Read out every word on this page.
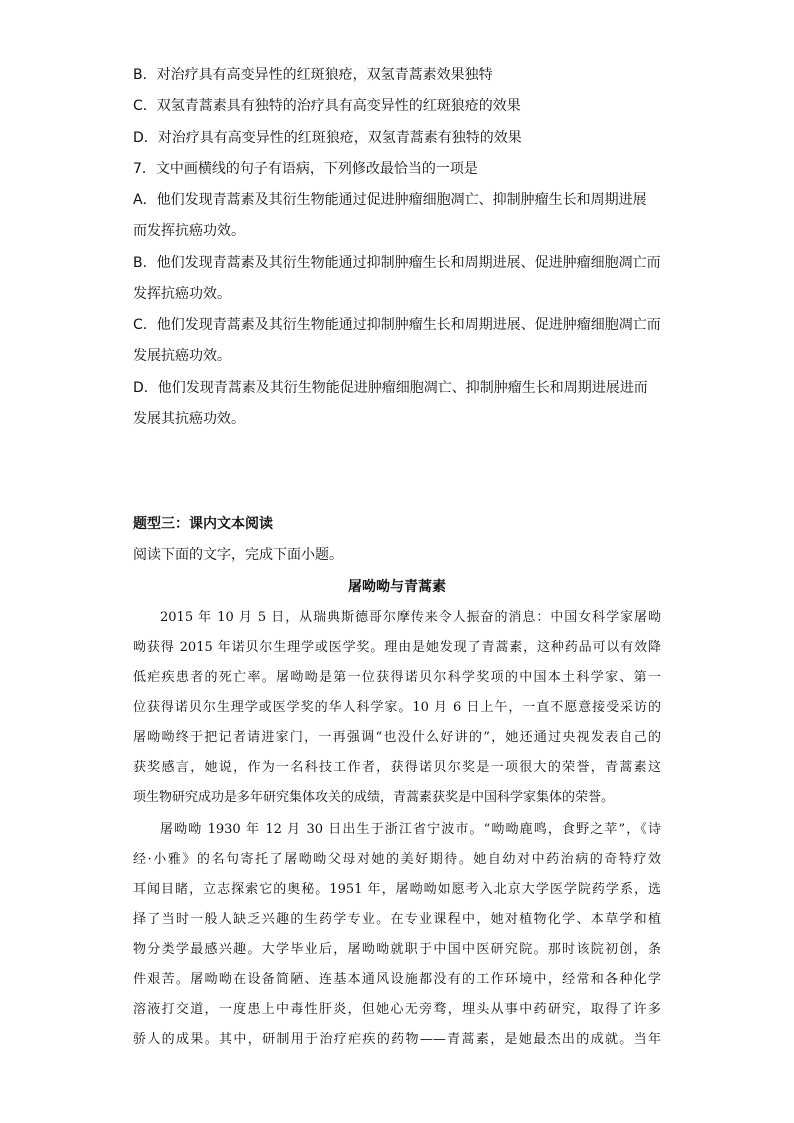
B．对治疗具有高变异性的红斑狼疮，双氢青蒿素效果独特
C．双氢青蒿素具有独特的治疗具有高变异性的红斑狼疮的效果
D．对治疗具有高变异性的红斑狼疮，双氢青蒿素有独特的效果
7．文中画横线的句子有语病，下列修改最恰当的一项是
A．他们发现青蒿素及其衍生物能通过促进肿瘤细胞凋亡、抑制肿瘤生长和周期进展
而发挥抗癌功效。
B．他们发现青蒿素及其衍生物能通过抑制肿瘤生长和周期进展、促进肿瘤细胞凋亡而
发挥抗癌功效。
C．他们发现青蒿素及其衍生物能通过抑制肿瘤生长和周期进展、促进肿瘤细胞凋亡而
发展抗癌功效。
D．他们发现青蒿素及其衍生物能促进肿瘤细胞凋亡、抑制肿瘤生长和周期进展进而
发展其抗癌功效。
题型三：课内文本阅读
阅读下面的文字，完成下面小题。
屠呦呦与青蒿素
2015 年 10 月 5 日，从瑞典斯德哥尔摩传来令人振奋的消息：中国女科学家屠呦
呦获得 2015 年诺贝尔生理学或医学奖。理由是她发现了青蒿素，这种药品可以有效降
低疟疾患者的死亡率。屠呦呦是第一位获得诺贝尔科学奖项的中国本土科学家、第一
位获得诺贝尔生理学或医学奖的华人科学家。10 月 6 日上午，一直不愿意接受采访的
屠呦呦终于把记者请进家门，一再强调“也没什么好讲的”，她还通过央视发表自己的
获奖感言，她说，作为一名科技工作者，获得诺贝尔奖是一项很大的荣誉，青蒿素这
项生物研究成功是多年研究集体攻关的成绩，青蒿素获奖是中国科学家集体的荣誉。
屠呦呦 1930 年 12 月 30 日出生于浙江省宁波市。“呦呦鹿鸣，食野之苹”，《诗
经·小雅》的名句寄托了屠呦呦父母对她的美好期待。她自幼对中药治病的奇特疗效
耳闻目睹，立志探索它的奥秘。1951 年，屠呦呦如愿考入北京大学医学院药学系，选
择了当时一般人缺乏兴趣的生药学专业。在专业课程中，她对植物化学、本草学和植
物分类学最感兴趣。大学毕业后，屠呦呦就职于中国中医研究院。那时该院初创，条
件艰苦。屠呦呦在设备简陋、连基本通风设施都没有的工作环境中，经常和各种化学
溶液打交道，一度患上中毒性肝炎，但她心无旁骛，埋头从事中药研究，取得了许多
骄人的成果。其中，研制用于治疗疟疾的药物——青蒿素，是她最杰出的成就。当年
